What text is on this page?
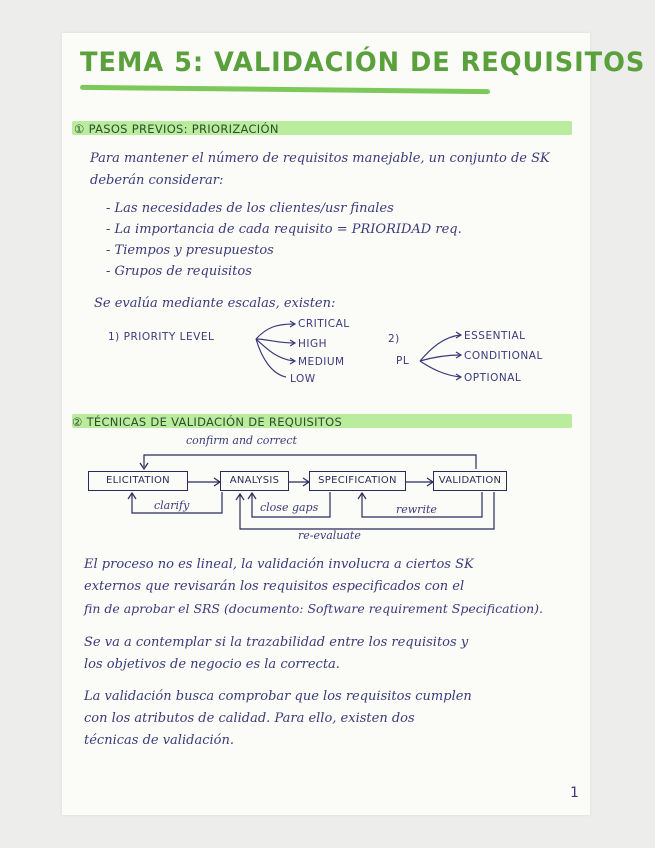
TEMA 5: VALIDACIÓN DE REQUISITOS
① PASOS PREVIOS: PRIORIZACIÓN
Para mantener el número de requisitos manejable, un conjunto de SK
deberán considerar:
- Las necesidades de los clientes/usr finales
- La importancia de cada requisito = PRIORIDAD req.
- Tiempos y presupuestos
- Grupos de requisitos
Se evalúa mediante escalas, existen:
1) PRIORITY LEVEL
CRITICAL
HIGH
MEDIUM
LOW
2)
PL
ESSENTIAL
CONDITIONAL
OPTIONAL
② TÉCNICAS DE VALIDACIÓN DE REQUISITOS
confirm and correct
ELICITATION	ANALYSIS	SPECIFICATION	VALIDATION
clarify	close gaps	rewrite
re-evaluate
El proceso no es lineal, la validación involucra a ciertos SK
externos que revisarán los requisitos especificados con el
fin de aprobar el SRS (documento: Software requirement Specification).
Se va a contemplar si la trazabilidad entre los requisitos y
los objetivos de negocio es la correcta.
La validación busca comprobar que los requisitos cumplen
con los atributos de calidad. Para ello, existen dos
técnicas de validación.
1
